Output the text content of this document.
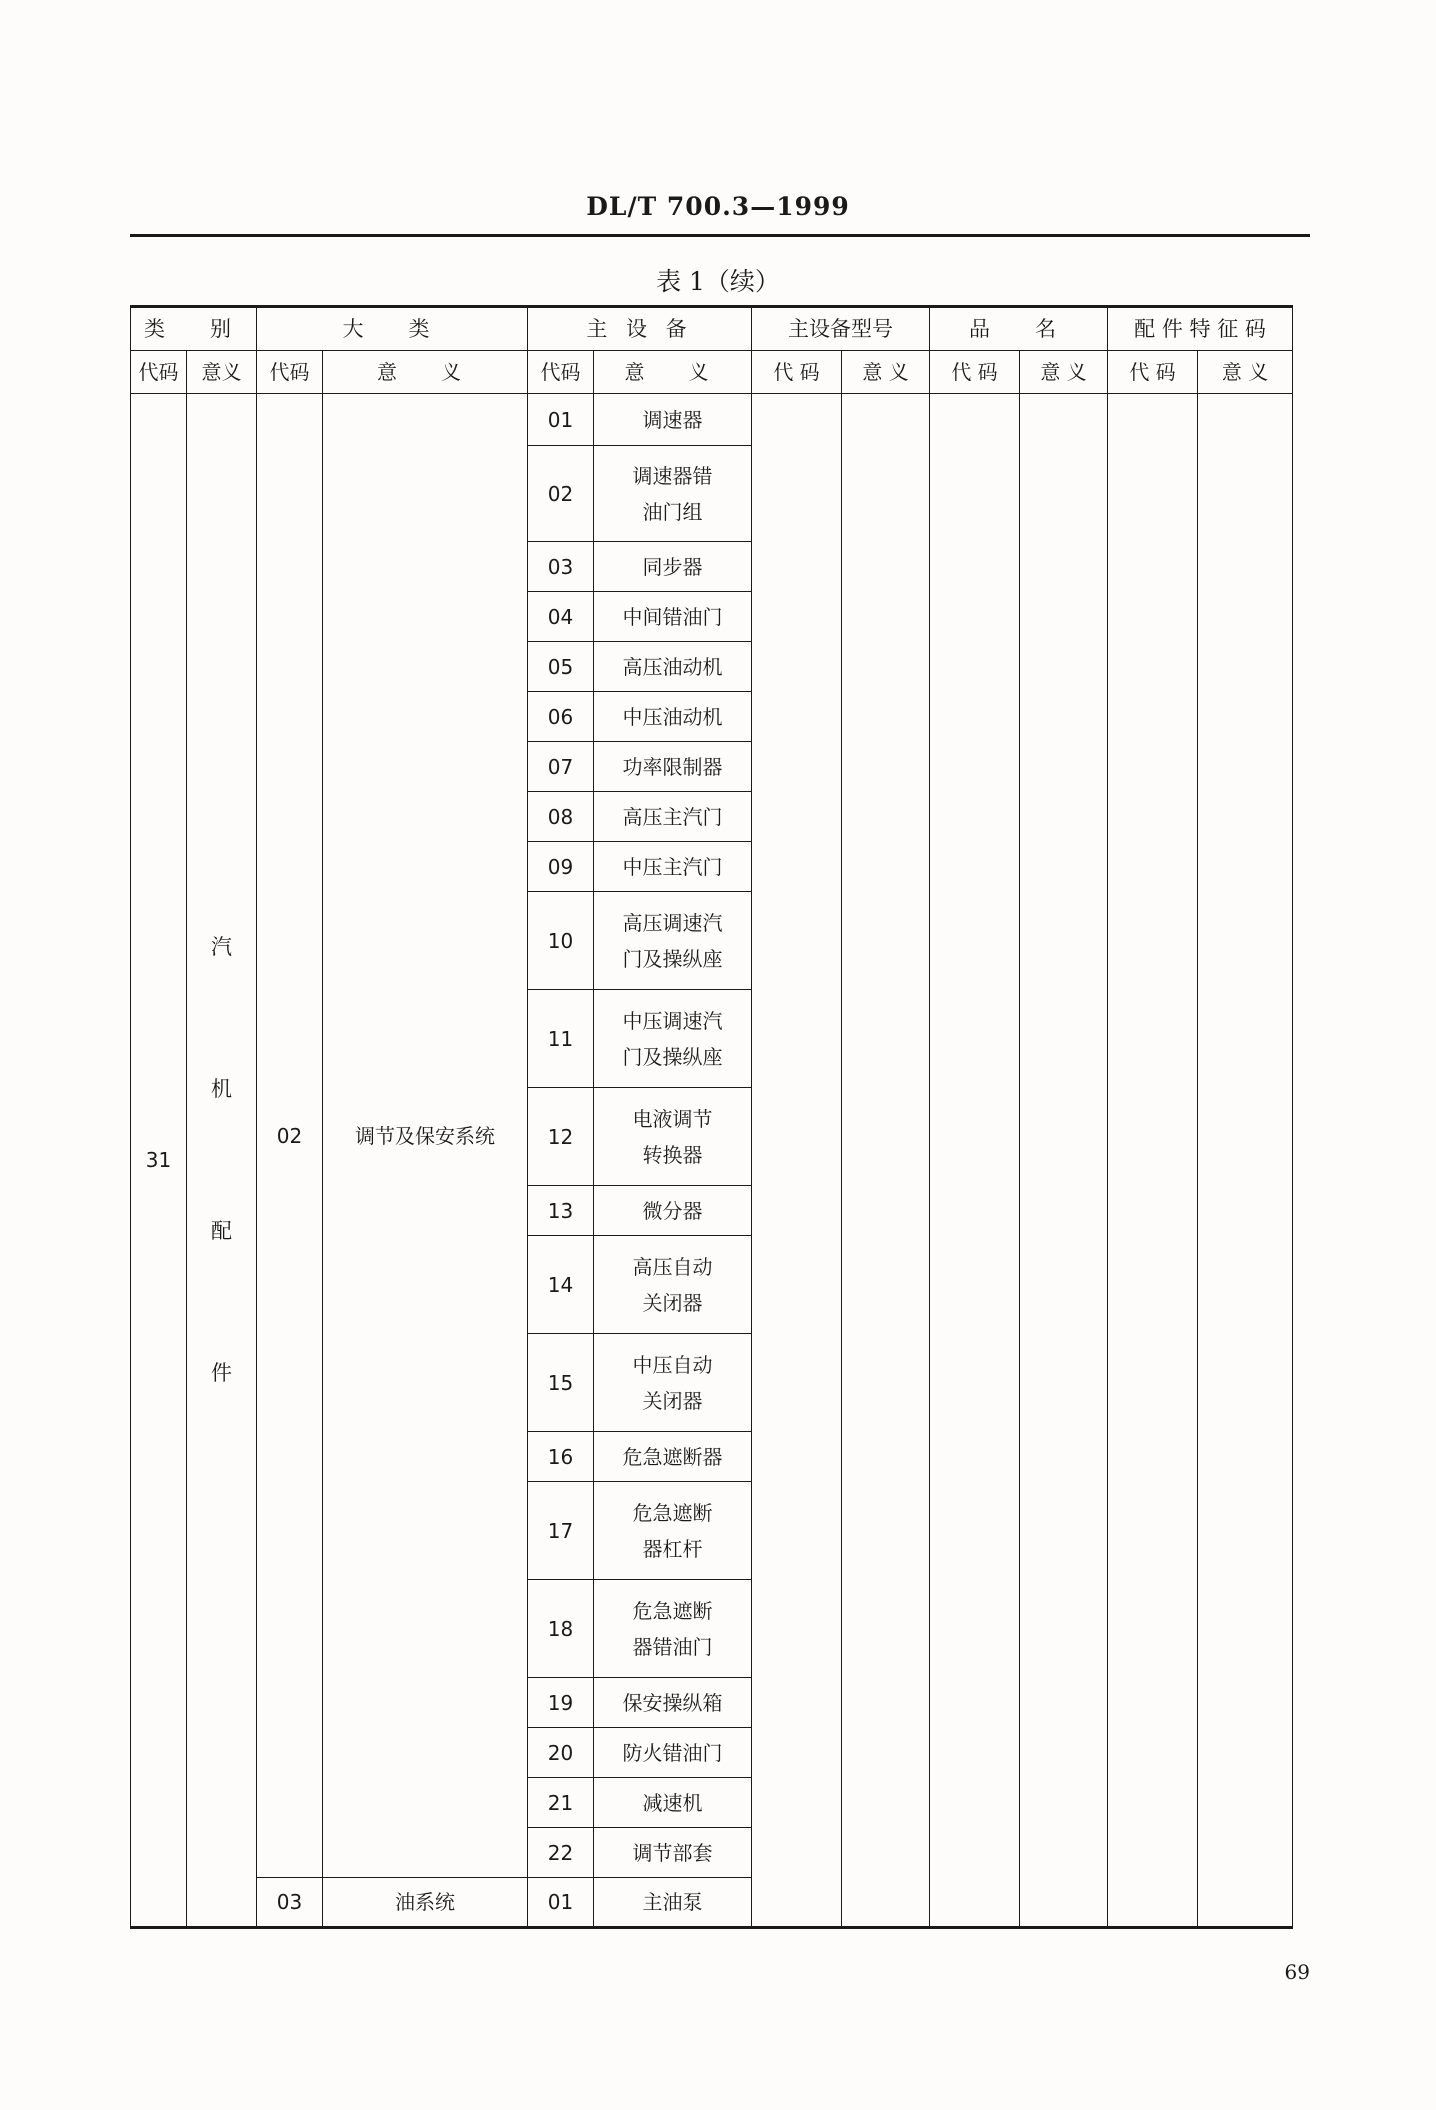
DL/T 700.3—1999
表 1（续）
类　别		大　类		主 设 备		主设备型号		品　名		配 件 特 征 码	
代码	意义	代码	意　义	代码	意　义	代 码	意 义	代 码	意 义	代 码	意 义
31	汽
机
配
件	02	调节及保安系统	01	调速器						

				02	调速器错
油门组						

				03	同步器						

				04	中间错油门						

				05	高压油动机						

				06	中压油动机						

				07	功率限制器						

				08	高压主汽门						

				09	中压主汽门						

				10	高压调速汽
门及操纵座						

				11	中压调速汽
门及操纵座						

				12	电液调节
转换器						

				13	微分器						

				14	高压自动
关闭器						

				15	中压自动
关闭器						

				16	危急遮断器						

				17	危急遮断
器杠杆						

				18	危急遮断
器错油门						

				19	保安操纵箱						

				20	防火错油门						

				21	减速机						

				22	调节部套						

		03	油系统	01	主油泵						
69
